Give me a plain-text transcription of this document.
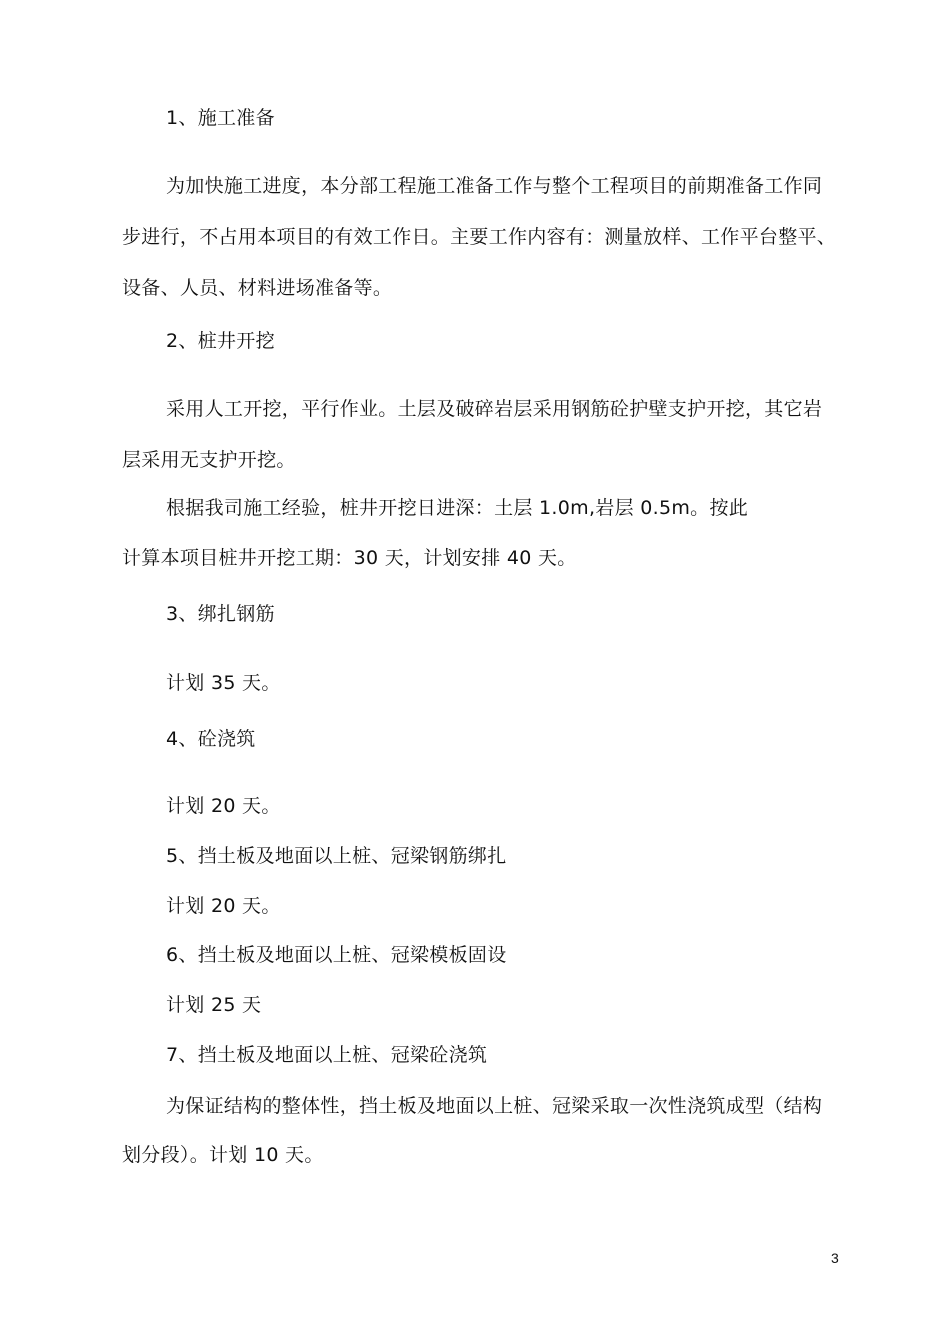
1、施工准备
为加快施工进度，本分部工程施工准备工作与整个工程项目的前期准备工作同
步进行，不占用本项目的有效工作日。主要工作内容有：测量放样、工作平台整平、
设备、人员、材料进场准备等。
2、桩井开挖
采用人工开挖，平行作业。土层及破碎岩层采用钢筋砼护壁支护开挖，其它岩
层采用无支护开挖。
根据我司施工经验，桩井开挖日进深：土层 1.0m,岩层 0.5m。按此
计算本项目桩井开挖工期：30 天，计划安排 40 天。
3、绑扎钢筋
计划 35 天。
4、砼浇筑
计划 20 天。
5、挡土板及地面以上桩、冠梁钢筋绑扎
计划 20 天。
6、挡土板及地面以上桩、冠梁模板固设
计划 25 天
7、挡土板及地面以上桩、冠梁砼浇筑
为保证结构的整体性，挡土板及地面以上桩、冠梁采取一次性浇筑成型（结构
划分段）。计划 10 天。
3
